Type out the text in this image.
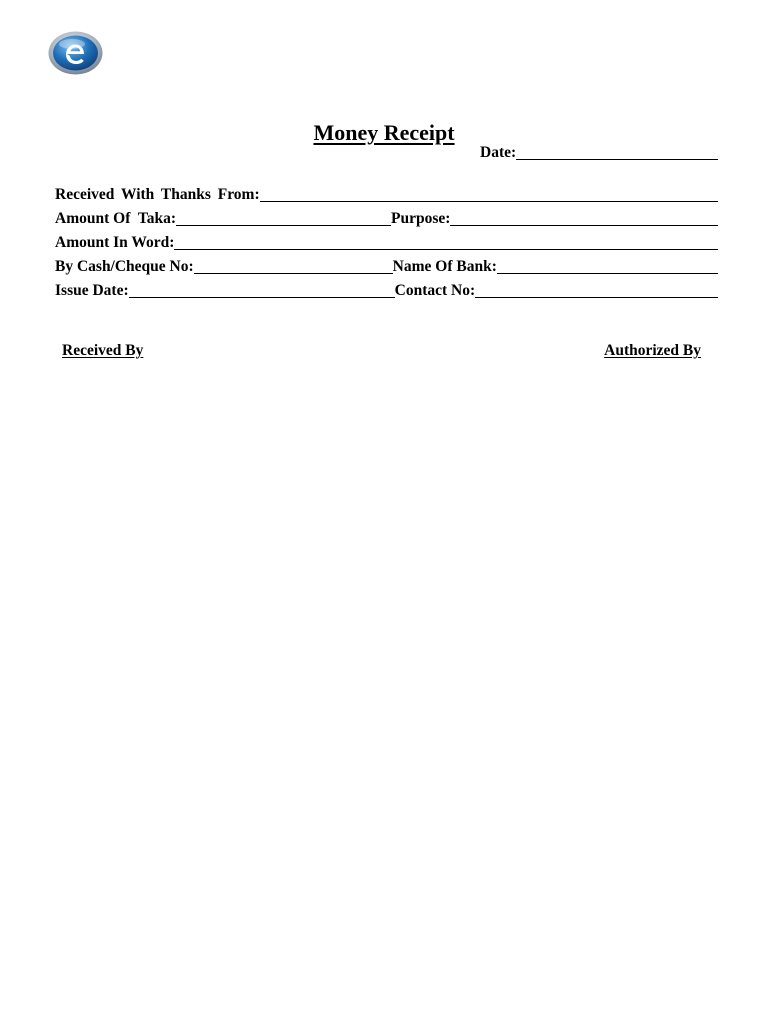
Money Receipt
Date:
Received With Thanks From:
Amount Of  Taka:	Purpose:
Amount In Word:
By Cash/Cheque No:	Name Of Bank:
Issue Date:	Contact No:
Received By	Authorized By
